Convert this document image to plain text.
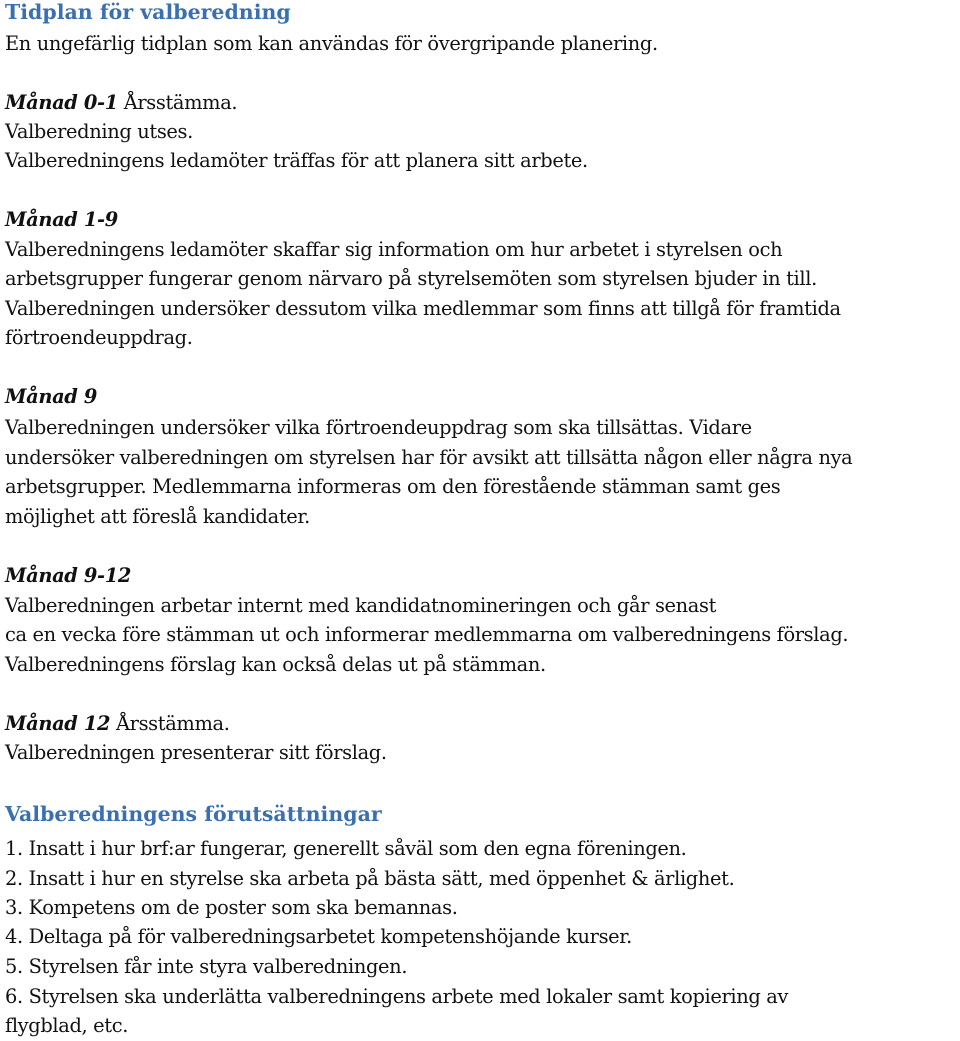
Tidplan för valberedning
En ungefärlig tidplan som kan användas för övergripande planering.
Månad 0-1 Årsstämma.
Valberedning utses.
Valberedningens ledamöter träffas för att planera sitt arbete.
Månad 1-9
Valberedningens ledamöter skaffar sig information om hur arbetet i styrelsen och
arbetsgrupper fungerar genom närvaro på styrelsemöten som styrelsen bjuder in till.
Valberedningen undersöker dessutom vilka medlemmar som finns att tillgå för framtida
förtroendeuppdrag.
Månad 9
Valberedningen undersöker vilka förtroendeuppdrag som ska tillsättas. Vidare
undersöker valberedningen om styrelsen har för avsikt att tillsätta någon eller några nya
arbetsgrupper. Medlemmarna informeras om den förestående stämman samt ges
möjlighet att föreslå kandidater.
Månad 9-12
Valberedningen arbetar internt med kandidatnomineringen och går senast
ca en vecka före stämman ut och informerar medlemmarna om valberedningens förslag.
Valberedningens förslag kan också delas ut på stämman.
Månad 12 Årsstämma.
Valberedningen presenterar sitt förslag.
Valberedningens förutsättningar
1. Insatt i hur brf:ar fungerar, generellt såväl som den egna föreningen.
2. Insatt i hur en styrelse ska arbeta på bästa sätt, med öppenhet & ärlighet.
3. Kompetens om de poster som ska bemannas.
4. Deltaga på för valberedningsarbetet kompetenshöjande kurser.
5. Styrelsen får inte styra valberedningen.
6. Styrelsen ska underlätta valberedningens arbete med lokaler samt kopiering av
flygblad, etc.
